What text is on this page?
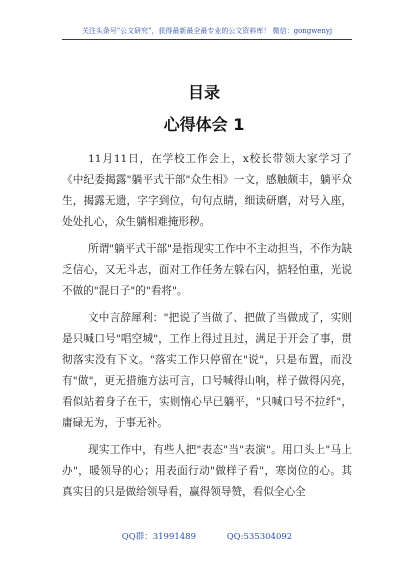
关注头条号"公文研究"，获得最新最全最专业的公文资料库！ 微信：gongwenyj
目录
心得体会 1

11月11日，在学校工作会上，x校长带领大家学习了《中纪委揭露"躺平式干部"众生相》一文，感触颇丰，躺平众生，揭露无遗，字字到位，句句点睛，细读研磨，对号入座，处处扎心，众生躺相难掩形秽。

所谓"躺平式干部"是指现实工作中不主动担当，不作为缺乏信心，又无斗志，面对工作任务左躲右闪，掂轻怕重，光说不做的"混日子"的"看将"。

文中言辞犀利："把说了当做了、把做了当做成了，实则是只喊口号"唱空城"，工作上得过且过，满足于开会了事，贯彻落实没有下文。"落实工作只停留在"说"，只是布置，而没有"做"，更无措施方法可言，口号喊得山响，样子做得闪亮，看似站着身子在干，实则惰心早已躺平，"只喊口号不拉纤"，庸碌无为，于事无补。

现实工作中，有些人把"表态"当"表演"。用口头上"马上办"，暖领导的心；用表面行动"做样子看"，寒岗位的心。其真实目的只是做给领导看，赢得领导赞，看似全心全

QQ群：31991489	QQ:535304092
